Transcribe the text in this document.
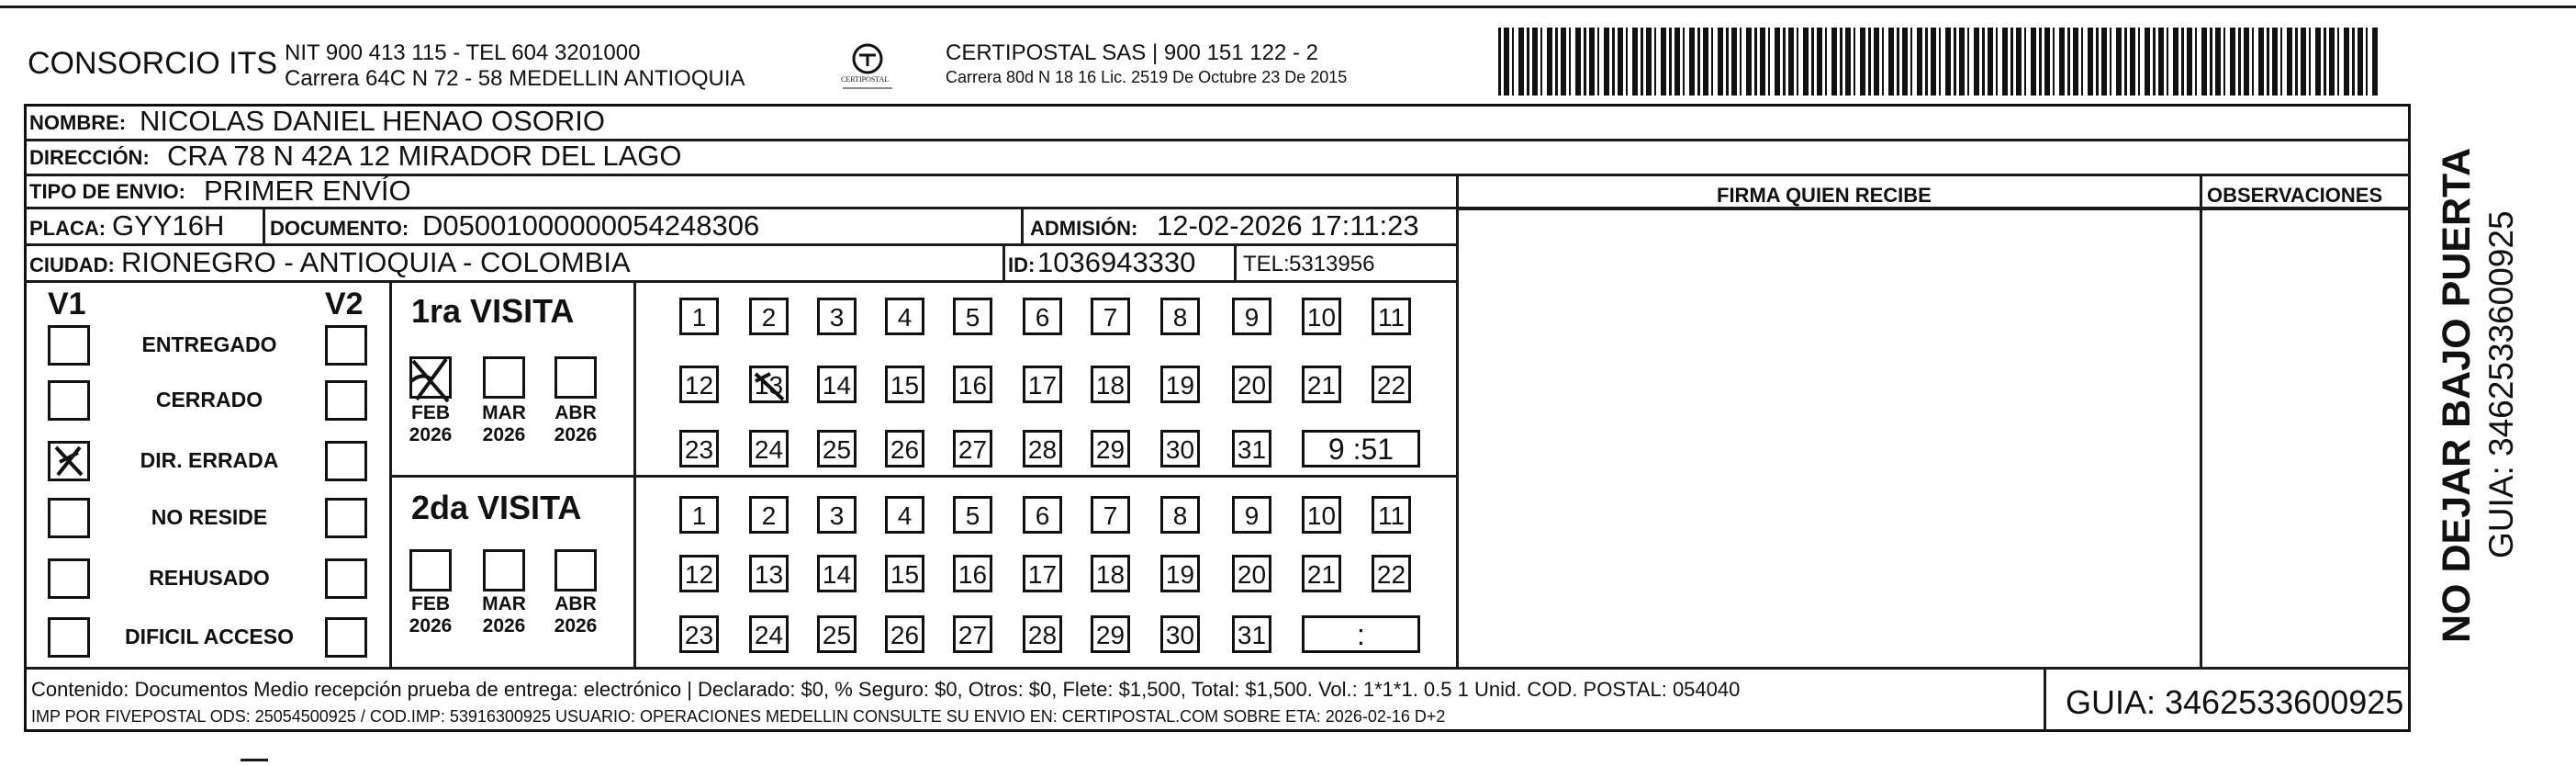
CONSORCIO ITS NIT 900 413 115 - TEL 604 3201000
Carrera 64C N 72 - 58 MEDELLIN ANTIOQUIA	CERTIPOSTAL
CERTIPOSTAL SAS | 900 151 122 - 2
Carrera 80d N 18 16 Lic. 2519 De Octubre 23 De 2015
NOMBRE: NICOLAS DANIEL HENAO OSORIO
DIRECCIÓN: CRA 78 N 42A 12 MIRADOR DEL LAGO
TIPO DE ENVIO: PRIMER ENVÍO	FIRMA QUIEN RECIBE	OBSERVACIONES
PLACA: GYY16H DOCUMENTO: D05001000000054248306	ADMISIÓN: 12-02-2026 17:11:23
CIUDAD: RIONEGRO - ANTIOQUIA - COLOMBIA	ID: 1036943330 TEL: 5313956
V1	V2 1ra VISITA
2da VISITA
Contenido: Documentos Medio recepción prueba de entrega: electrónico | Declarado: $0, % Seguro: $0, Otros: $0, Flete: $1,500, Total: $1,500. Vol.: 1*1*1. 0.5 1 Unid. COD. POSTAL: 054040
IMP POR FIVEPOSTAL ODS: 25054500925 / COD.IMP: 53916300925 USUARIO: OPERACIONES MEDELLIN CONSULTE SU ENVIO EN: CERTIPOSTAL.COM SOBRE ETA: 2026-02-16 D+2	GUIA: 3462533600925
NO DEJAR BAJO PUERTA GUIA: 3462533600925
ENTREGADO
CERRADO
DIR. ERRADA
NO RESIDE
REHUSADO
DIFICIL ACCESO
FEB
2026
MAR
2026
ABR
2026
FEB
2026
MAR
2026
ABR
2026
1	2	3	4	5	6	7	8	9	10 11
12 13 14 15 16 17 18 19 20 21 22
23 24 25 26 27 28 29 30 31	9 :51
1	2	3	4	5	6	7	8	9	10 11
12 13 14 15 16 17 18 19 20 21 22
23 24 25 26 27 28 29 30 31	:
